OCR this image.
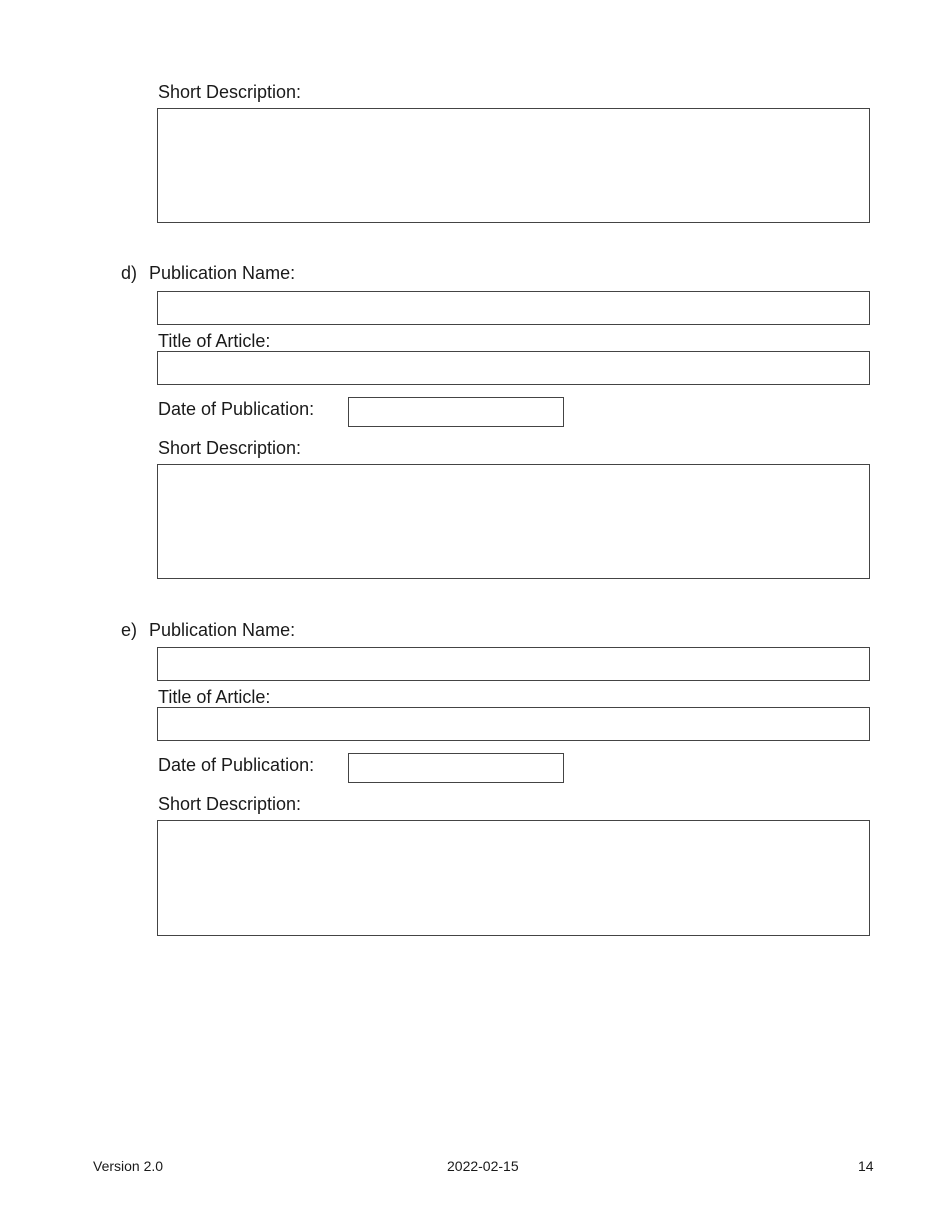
Short Description:
d) Publication Name:
Title of Article:
Date of Publication:
Short Description:
e) Publication Name:
Title of Article:
Date of Publication:
Short Description:
Version 2.0	2022-02-15	14
